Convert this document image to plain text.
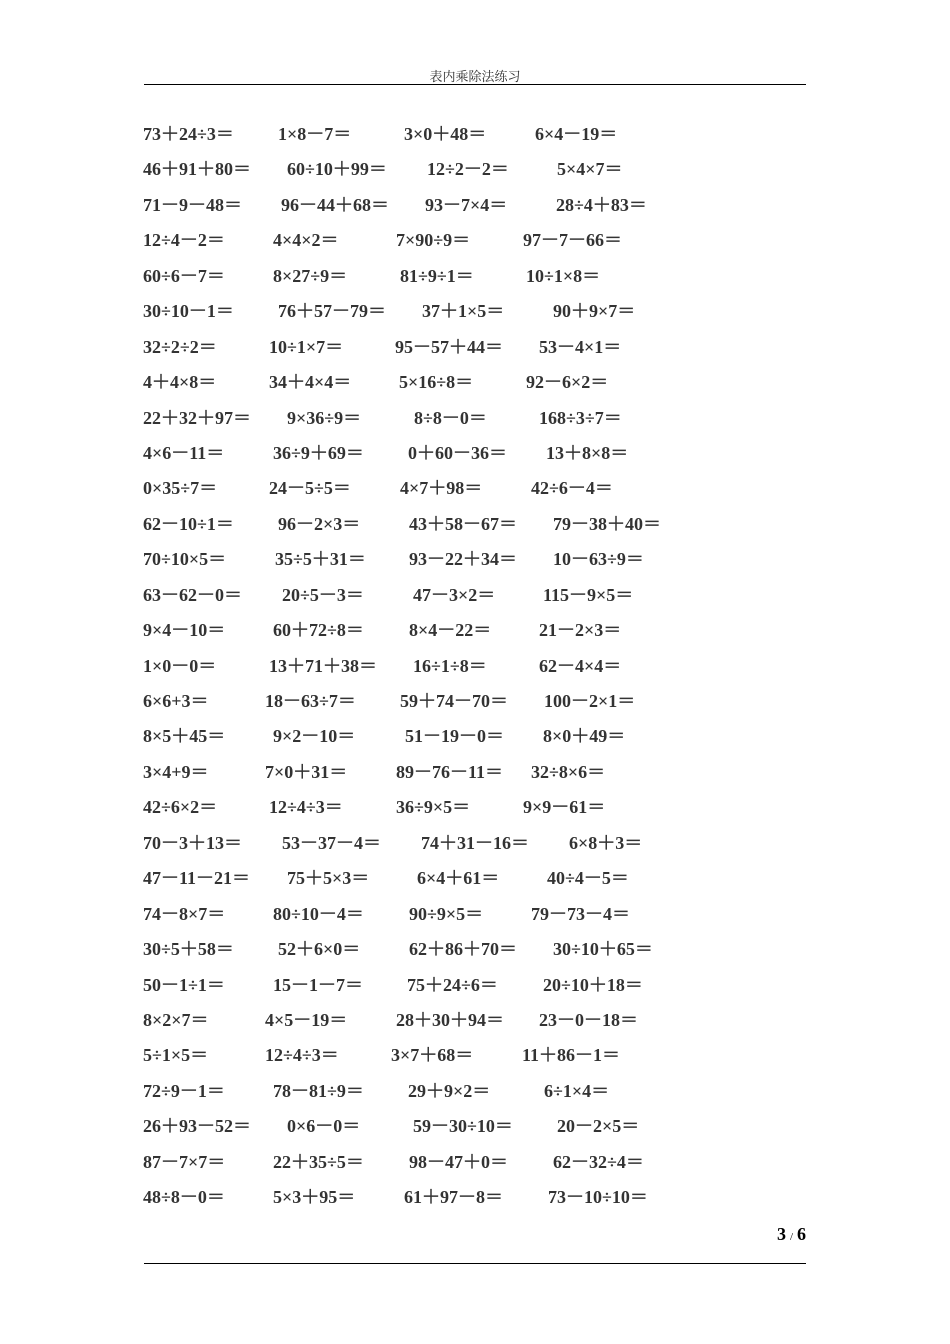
表内乘除法练习
73＋24÷3＝ 1×8－7＝	3×0＋48＝	6×4－19＝
46＋91＋80＝ 60÷10＋99＝ 12÷2－2＝	5×4×7＝
71－9－48＝ 96－44＋68＝ 93－7×4＝	28÷4＋83＝
12÷4－2＝	4×4×2＝	7×90÷9＝	97－7－66＝
60÷6－7＝	8×27÷9＝	81÷9÷1＝	10÷1×8＝
30÷10－1＝ 76＋57－79＝ 37＋1×5＝	90＋9×7＝
32÷2÷2＝	10÷1×7＝	95－57＋44＝ 53－4×1＝
4＋4×8＝	34＋4×4＝	5×16÷8＝	92－6×2＝
22＋32＋97＝ 9×36÷9＝	8÷8－0＝	168÷3÷7＝
4×6－11＝	36÷9＋69＝ 0＋60－36＝ 13＋8×8＝
0×35÷7＝	24－5÷5＝	4×7＋98＝	42÷6－4＝
62－10÷1＝ 96－2×3＝	43＋58－67＝ 79－38＋40＝
70÷10×5＝	35÷5＋31＝ 93－22＋34＝ 10－63÷9＝
63－62－0＝ 20÷5－3＝	47－3×2＝	115－9×5＝
9×4－10＝	60＋72÷8＝	8×4－22＝	21－2×3＝
1×0－0＝	13＋71＋38＝ 16÷1÷8＝	62－4×4＝
6×6+3＝	18－63÷7＝ 59＋74－70＝ 100－2×1＝
8×5＋45＝	9×2－10＝	51－19－0＝ 8×0＋49＝
3×4+9＝	7×0＋31＝	89－76－11＝ 32÷8×6＝
42÷6×2＝	12÷4÷3＝	36÷9×5＝	9×9－61＝
70－3＋13＝ 53－37－4＝ 74＋31－16＝ 6×8＋3＝
47－11－21＝ 75＋5×3＝	6×4＋61＝	40÷4－5＝
74－8×7＝	80÷10－4＝	90÷9×5＝	79－73－4＝
30÷5＋58＝ 52＋6×0＝	62＋86＋70＝ 30÷10＋65＝
50－1÷1＝	15－1－7＝ 75＋24÷6＝	20÷10＋18＝
8×2×7＝	4×5－19＝	28＋30＋94＝ 23－0－18＝
5÷1×5＝	12÷4÷3＝	3×7＋68＝	11＋86－1＝
72÷9－1＝	78－81÷9＝ 29＋9×2＝	6÷1×4＝
26＋93－52＝ 0×6－0＝	59－30÷10＝ 20－2×5＝
87－7×7＝	22＋35÷5＝	98－47＋0＝	62－32÷4＝
48÷8－0＝	5×3＋95＝	61＋97－8＝	73－10÷10＝
3 / 6
